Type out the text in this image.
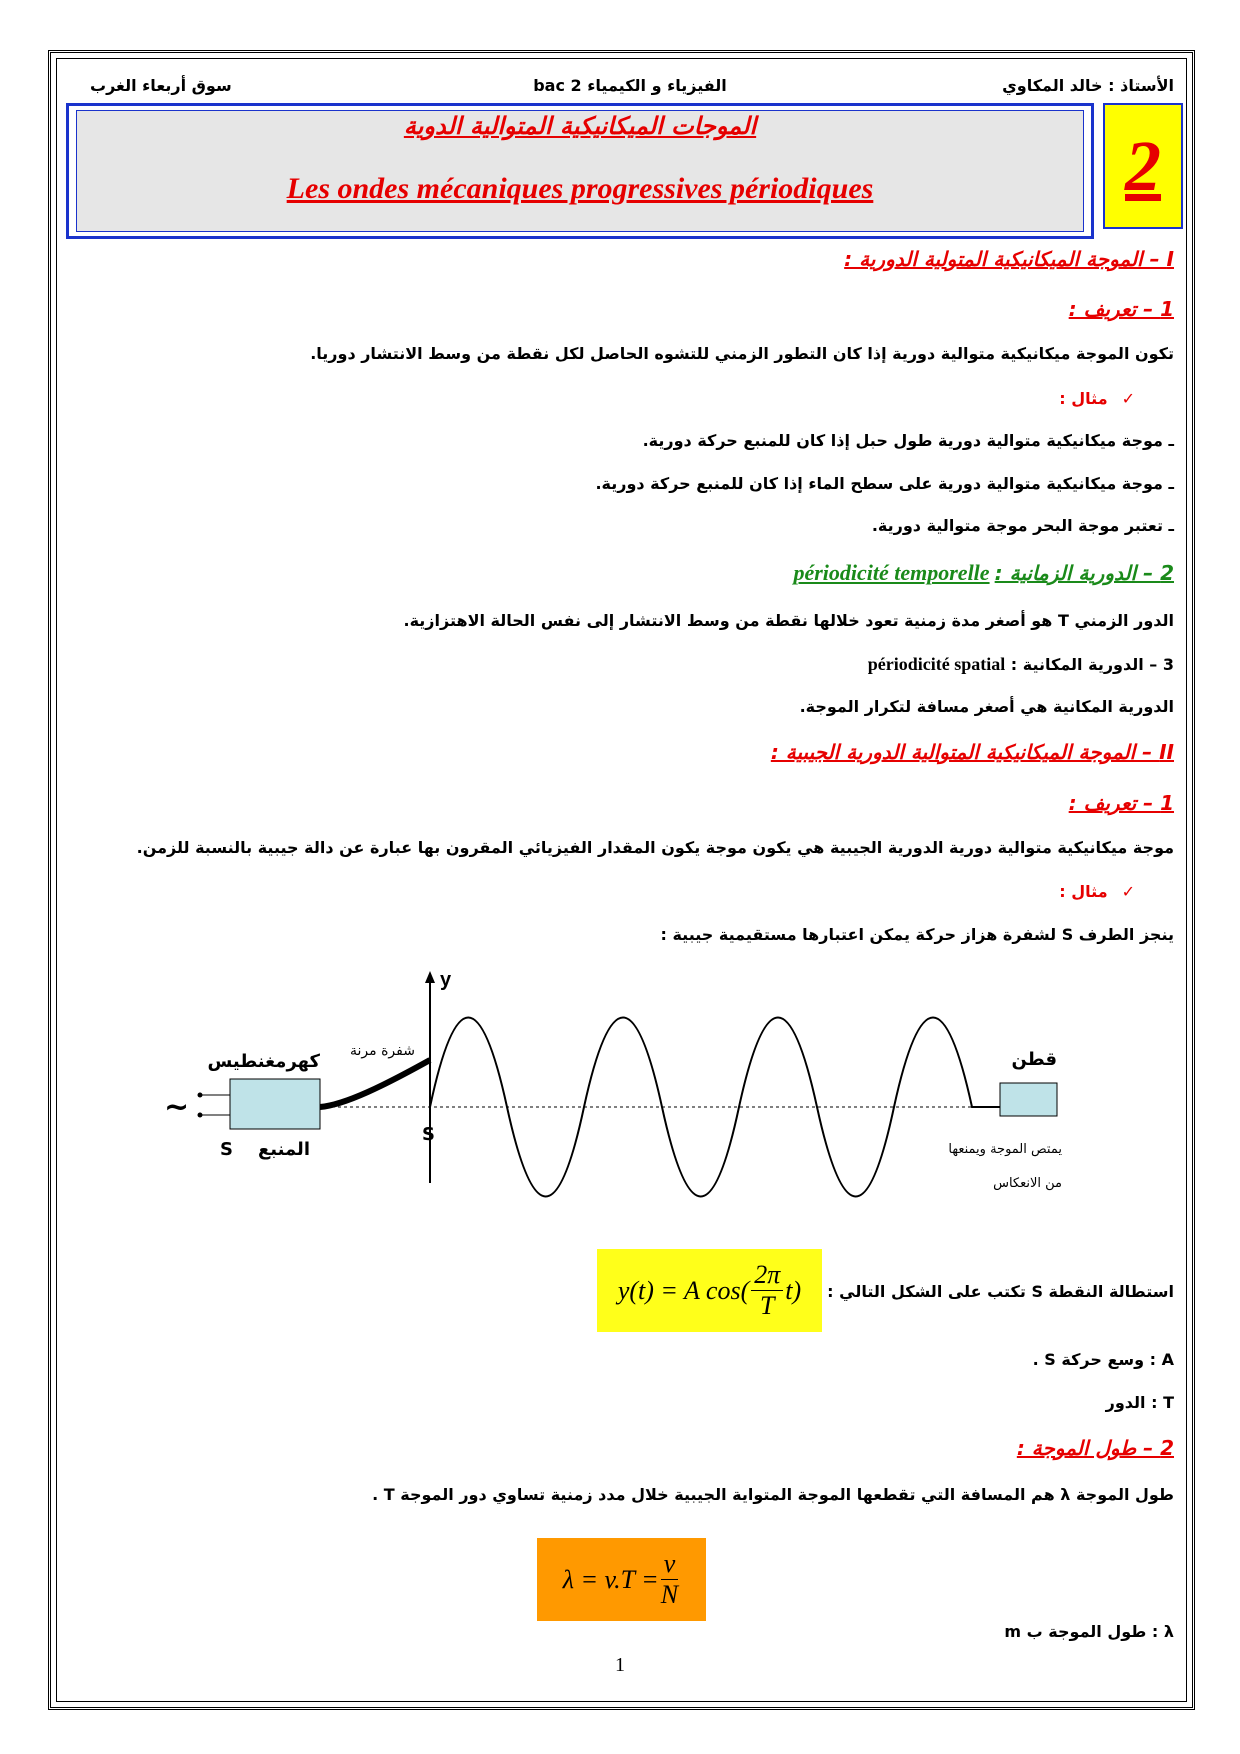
الأستاذ : خالد المكاوي
الفيزياء و الكيمياء 2 bac
سوق أربعاء الغرب
2
الموجات الميكانيكية المتوالية الدوية
Les ondes mécaniques progressives périodiques
I – الموجة الميكانيكية المتولية الدورية :
1 – تعريف :
تكون الموجة ميكانيكية متوالية دورية إذا كان التطور الزمني للتشوه الحاصل لكل نقطة من وسط الانتشار دوريا.
✓مثال :
ـ موجة ميكانيكية متوالية دورية طول حبل إذا كان للمنبع حركة دورية.
ـ موجة ميكانيكية متوالية دورية على سطح الماء إذا كان للمنبع حركة دورية.
ـ تعتبر موجة البحر موجة متوالية دورية.
2 – الدورية الزمانية : périodicité temporelle
الدور الزمني T هو أصغر مدة زمنية تعود خلالها نقطة من وسط الانتشار إلى نفس الحالة الاهتزازية.
3 – الدورية المكانية : périodicité spatial
الدورية المكانية هي أصغر مسافة لتكرار الموجة.
II – الموجة الميكانيكية المتوالية الدورية الجيبية :
1 – تعريف :
موجة ميكانيكية متوالية دورية الدورية الجيبية هي يكون موجة يكون المقدار الفيزيائي المقرون بها عبارة عن دالة جيبية بالنسبة للزمن.
✓مثال :
ينجز الطرف S لشفرة هزاز حركة يمكن اعتبارها مستقيمية جيبية :
y
شفرة مرنة
كهرمغنطيس
~
المنبع
S
S
قطن
يمتص الموجة ويمنعها
من الانعكاس
استطالة النقطة S تكتب على الشكل التالي :
y(t) = A $\cos( \frac{2\pi}{T} t)$
A : وسع حركة S .
T : الدور
2 – طول الموجة :
طول الموجة λ هم المسافة التي تقطعها الموجة المتواية الجيبية خلال مدد زمنية تساوي دور الموجة T .
$\lambda = v.T = \frac{v}{N}$
λ : طول الموجة ب m
1
